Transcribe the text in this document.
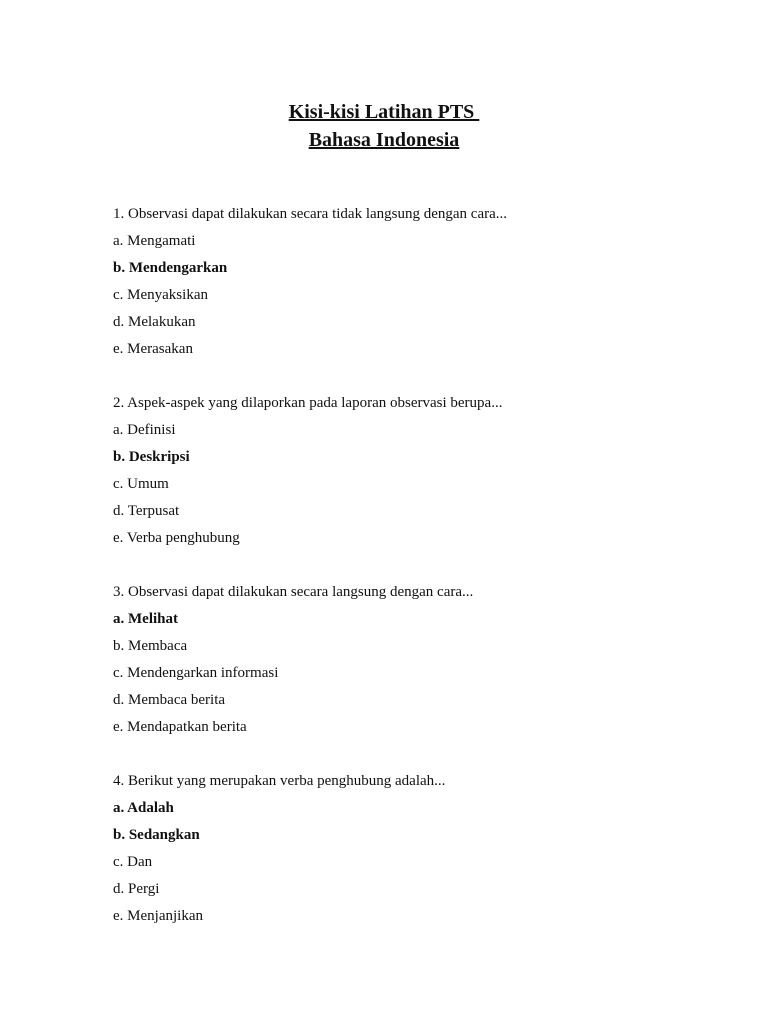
Kisi-kisi Latihan PTS
Bahasa Indonesia
1. Observasi dapat dilakukan secara tidak langsung dengan cara...
a. Mengamati
b. Mendengarkan
c. Menyaksikan
d. Melakukan
e. Merasakan
2. Aspek-aspek yang dilaporkan pada laporan observasi berupa...
a. Definisi
b. Deskripsi
c. Umum
d. Terpusat
e. Verba penghubung
3. Observasi dapat dilakukan secara langsung dengan cara...
a. Melihat
b. Membaca
c. Mendengarkan informasi
d. Membaca berita
e. Mendapatkan berita
4. Berikut yang merupakan verba penghubung adalah...
a. Adalah
b. Sedangkan
c. Dan
d. Pergi
e. Menjanjikan
